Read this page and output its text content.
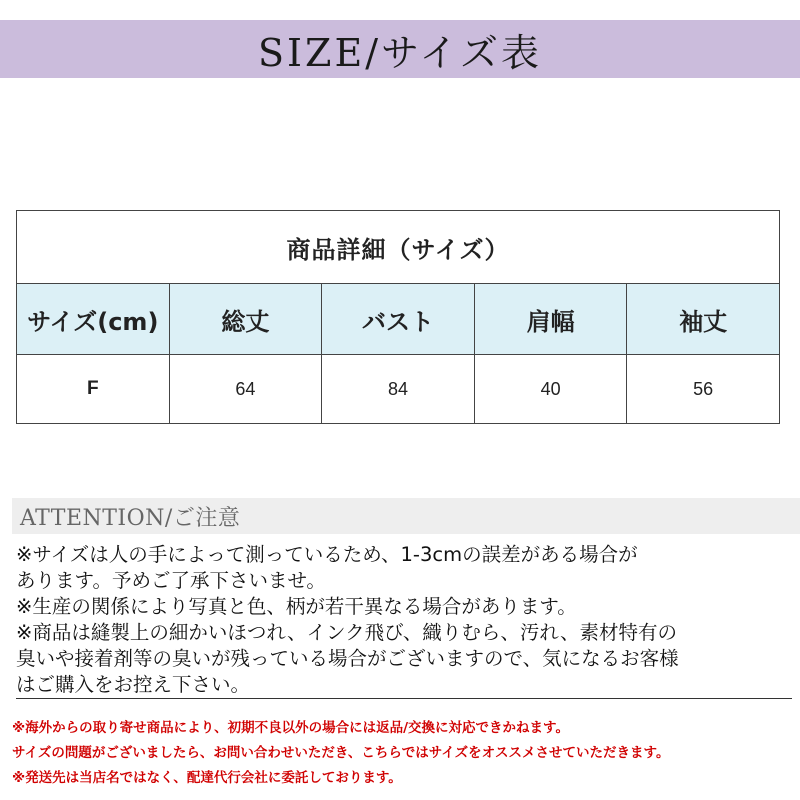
SIZE/サイズ表
商品詳細（サイズ）				
サイズ(cm)	総丈	バスト	肩幅	袖丈
F	64	84	40	56
ATTENTION/ご注意

※サイズは人の手によって測っているため、1-3cmの誤差がある場合が

あります。予めご了承下さいませ。

※生産の関係により写真と色、柄が若干異なる場合があります。

※商品は縫製上の細かいほつれ、インク飛び、織りむら、汚れ、素材特有の

臭いや接着剤等の臭いが残っている場合がございますので、気になるお客様

はご購入をお控え下さい。

※海外からの取り寄せ商品により、初期不良以外の場合には返品/交換に対応できかねます。

サイズの問題がございましたら、お問い合わせいただき、こちらではサイズをオススメさせていただきます。

※発送先は当店名ではなく、配達代行会社に委託しております。
